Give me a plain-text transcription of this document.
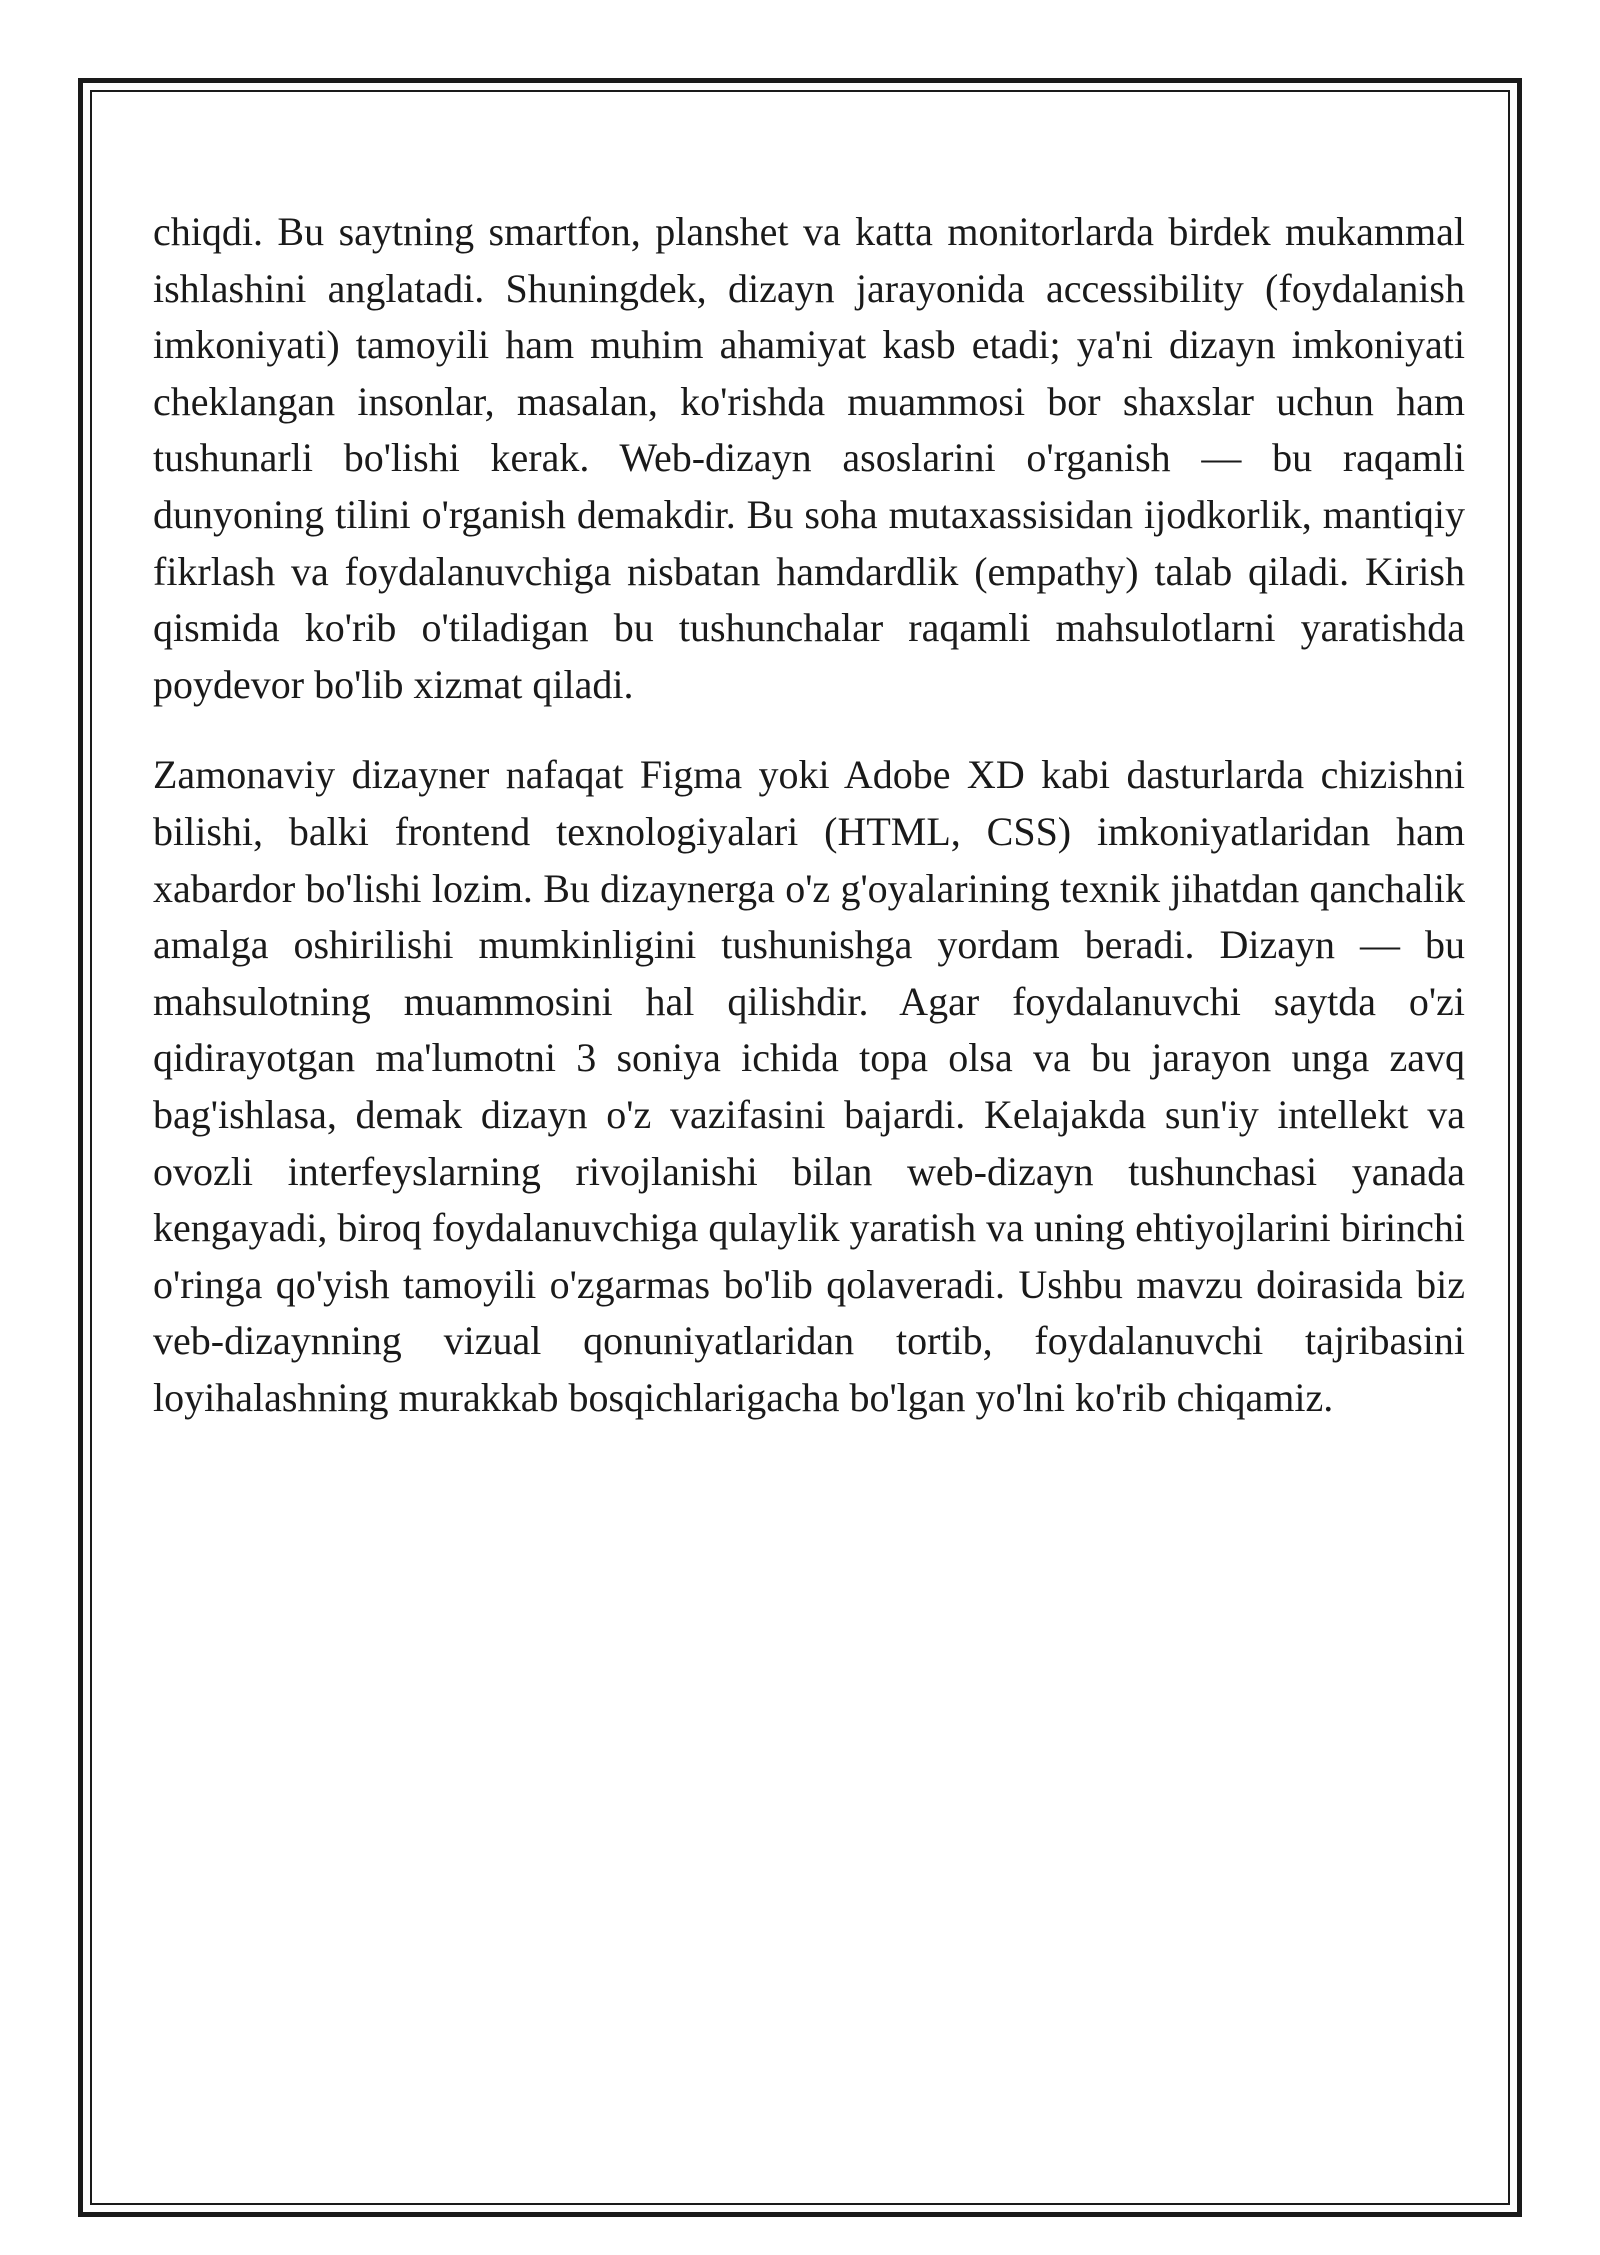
chiqdi. Bu saytning smartfon, planshet va katta monitorlarda birdek mukammal ishlashini anglatadi. Shuningdek, dizayn jarayonida accessibility (foydalanish imkoniyati) tamoyili ham muhim ahamiyat kasb etadi; ya'ni dizayn imkoniyati cheklangan insonlar, masalan, ko'rishda muammosi bor shaxslar uchun ham tushunarli bo'lishi kerak. Web-dizayn asoslarini o'rganish — bu raqamli dunyoning tilini o'rganish demakdir. Bu soha mutaxassisidan ijodkorlik, mantiqiy fikrlash va foydalanuvchiga nisbatan hamdardlik (empathy) talab qiladi. Kirish qismida ko'rib o'tiladigan bu tushunchalar raqamli mahsulotlarni yaratishda poydevor bo'lib xizmat qiladi.

Zamonaviy dizayner nafaqat Figma yoki Adobe XD kabi dasturlarda chizishni bilishi, balki frontend texnologiyalari (HTML, CSS) imkoniyatlaridan ham xabardor bo'lishi lozim. Bu dizaynerga o'z g'oyalarining texnik jihatdan qanchalik amalga oshirilishi mumkinligini tushunishga yordam beradi. Dizayn — bu mahsulotning muammosini hal qilishdir. Agar foydalanuvchi saytda o'zi qidirayotgan ma'lumotni 3 soniya ichida topa olsa va bu jarayon unga zavq bag'ishlasa, demak dizayn o'z vazifasini bajardi. Kelajakda sun'iy intellekt va ovozli interfeyslarning rivojlanishi bilan web-dizayn tushunchasi yanada kengayadi, biroq foydalanuvchiga qulaylik yaratish va uning ehtiyojlarini birinchi o'ringa qo'yish tamoyili o'zgarmas bo'lib qolaveradi. Ushbu mavzu doirasida biz veb-dizaynning vizual qonuniyatlaridan tortib, foydalanuvchi tajribasini loyihalashning murakkab bosqichlarigacha bo'lgan yo'lni ko'rib chiqamiz.
